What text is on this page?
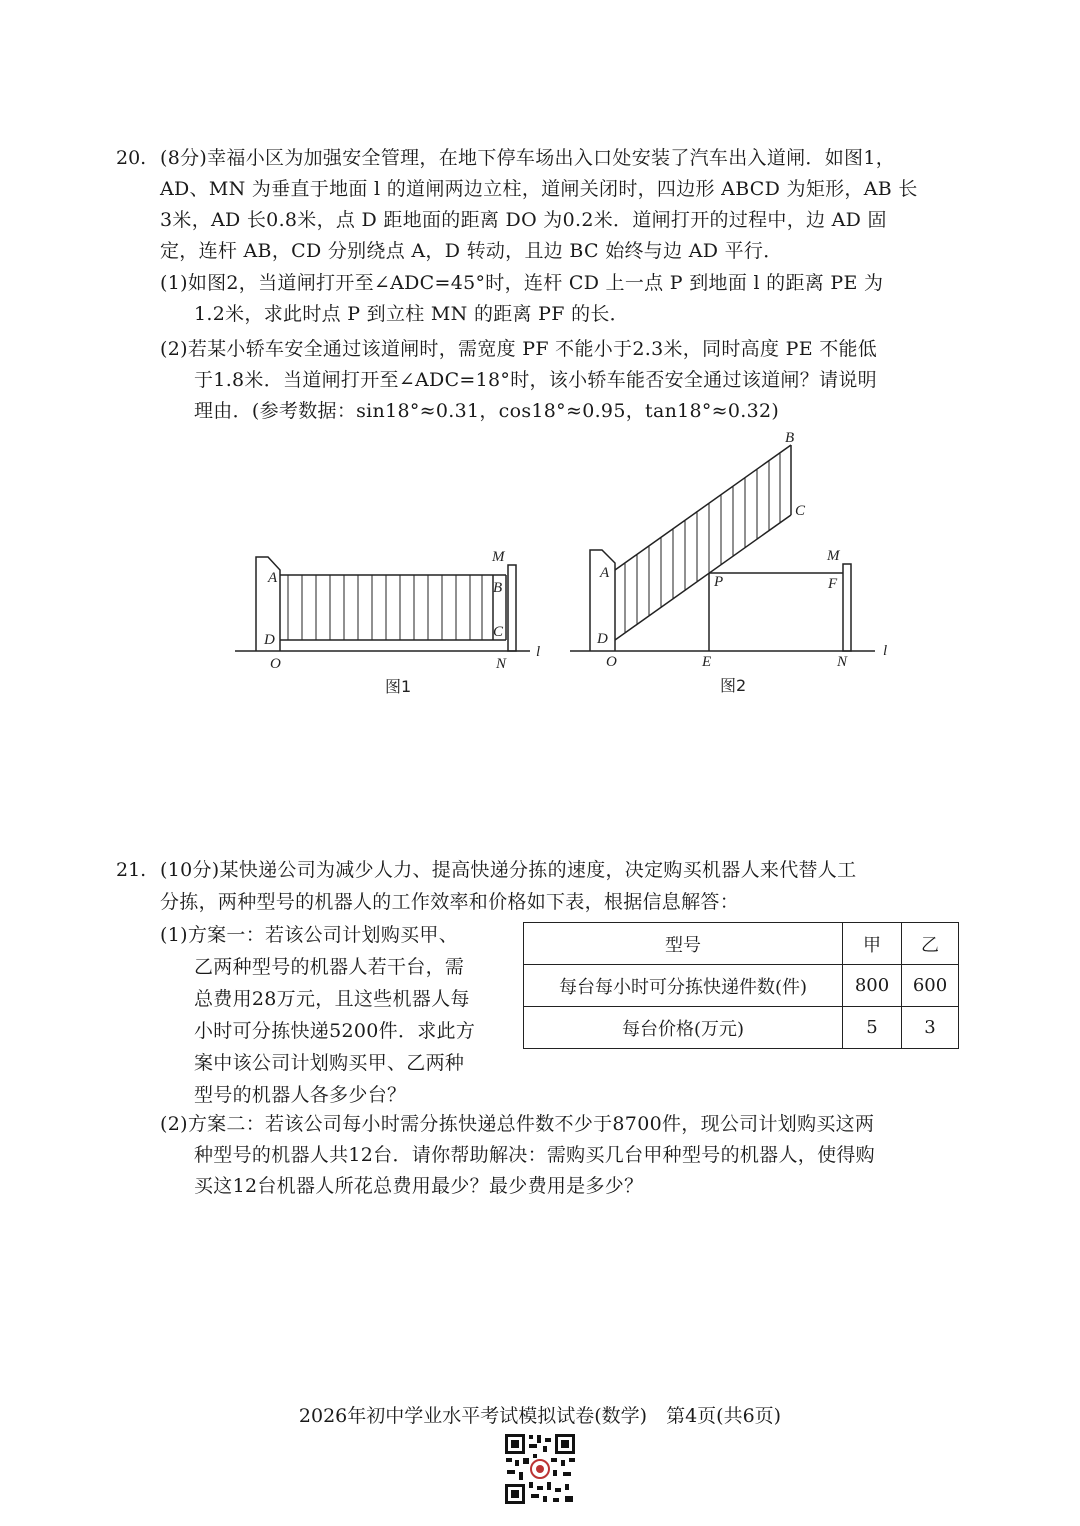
20. (8分)幸福小区为加强安全管理，在地下停车场出入口处安装了汽车出入道闸．如图1，
AD、MN 为垂直于地面 l 的道闸两边立柱，道闸关闭时，四边形 ABCD 为矩形，AB 长
3米，AD 长0.8米，点 D 距地面的距离 DO 为0.2米．道闸打开的过程中，边 AD 固
定，连杆 AB，CD 分别绕点 A，D 转动，且边 BC 始终与边 AD 平行．
(1)如图2，当道闸打开至∠ADC=45°时，连杆 CD 上一点 P 到地面 l 的距离 PE 为
1.2米，求此时点 P 到立柱 MN 的距离 PF 的长．
(2)若某小轿车安全通过该道闸时，需宽度 PF 不能小于2.3米，同时高度 PE 不能低
于1.8米．当道闸打开至∠ADC=18°时，该小轿车能否安全通过该道闸？请说明
理由．(参考数据：sin18°≈0.31，cos18°≈0.95，tan18°≈0.32)
A
D
O
M
B
C
N
l
图1
A
D
O
B
C
P
M
F
E	N
l
图2
21. (10分)某快递公司为减少人力、提高快递分拣的速度，决定购买机器人来代替人工
分拣，两种型号的机器人的工作效率和价格如下表，根据信息解答：
(1)方案一：若该公司计划购买甲、
乙两种型号的机器人若干台，需
总费用28万元，且这些机器人每
小时可分拣快递5200件．求此方
案中该公司计划购买甲、乙两种
型号的机器人各多少台？
型号	甲	乙
每台每小时可分拣快递件数(件)	800	600
每台价格(万元)	5	3
(2)方案二：若该公司每小时需分拣快递总件数不少于8700件，现公司计划购买这两
种型号的机器人共12台．请你帮助解决：需购买几台甲种型号的机器人，使得购
买这12台机器人所花总费用最少？最少费用是多少？
2026年初中学业水平考试模拟试卷(数学)　第4页(共6页)
